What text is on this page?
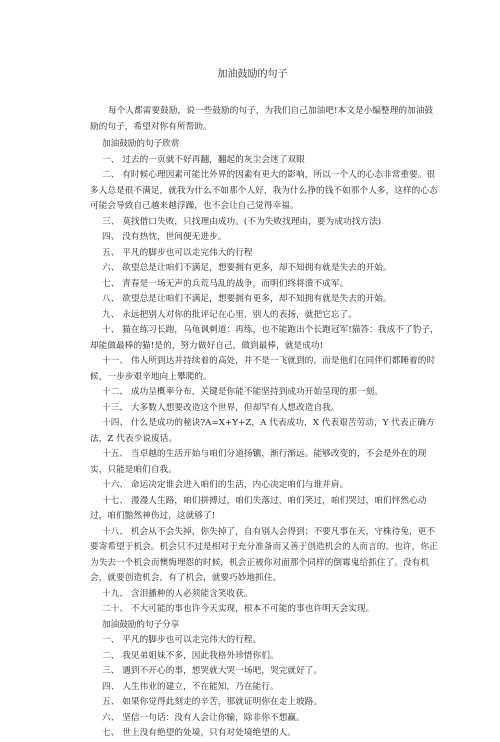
加油鼓励的句子

每个人都需要鼓励，说一些鼓励的句子，为我们自己加油吧!本文是小编整理的加油鼓励的句子，希望对你有所帮助。

加油鼓励的句子欣赏

一、 过去的一页就不好再翻，翻起的灰尘会迷了双眼

二、 有时候心理因素可能比外界的因素有更大的影响，所以一个人的心态非常重要。很多人总是很不满足，就我为什么不如那个人好，我为什么挣的钱不如那个人多，这样的心态可能会导致自己越来越浮躁，也不会让自己觉得幸福。

三、 莫找借口失败，只找理由成功。(不为失败找理由，要为成功找方法)

四、 没有热忱，世间便无进步。

五、 平凡的脚步也可以走完伟大的行程

六、 欲望总是让咱们不满足，想要拥有更多，却不知拥有就是失去的开始。

七、 青春是一场无声的兵荒马乱的战争，而明们终将溃不成军。

八、 欲望总是让咱们不满足，想要拥有更多，却不知拥有就是失去的开始。

九、 永远把别人对你的批评记在心里，别人的表扬，就把它忘了。

十、 猫在练习长跑，乌龟讽刺道：再练，也不能跑出个长跑冠军!猫答：我成不了豹子，却能做最棒的猫!是的，努力做好自己，做到最棒，就是成功!

十一、 伟人所到达并持续着的高处，并不是一飞就到的，而是他们在同伴们都睡着的时候，一步步艰辛地向上攀爬的。

十二、 成功呈概率分布，关键是你能不能坚持到成功开始呈现的那一刻。

十三、 大多数人想要改造这个世界，但却罕有人想改造自我。

十四、 什么是成功的秘诀?A=X+Y+Z，A 代表成功，X 代表艰苦劳动，Y 代表正确方法，Z 代表少说废话。

十五、 当卓越的生活开始与咱们分道扬镳，渐行渐远。能够改变的，不会是外在的现实，只能是咱们自我。

十六、 命运决定谁会进入咱们的生活，内心决定咱们与谁并肩。

十七、 漫漫人生路，咱们拼搏过，咱们失落过，咱们笑过，咱们哭过，咱们怦然心动过，咱们黯然神伤过，这就够了!

十八、 机会从不会失掉，你失掉了，自有别人会得到；不要凡事在天，守株待兔，更不要寄希望于机会。机会只不过是相对于充分准备而又善于创造机会的人而言的。也许，你正为失去一个机会而懊悔埋怨的时候，机会正被你对面那个同样的倒霉鬼给抓住了。没有机会，就要创造机会，有了机会，就要巧妙地抓住。

十九、 含泪播种的人必须能含笑收获。

二十、 不大可能的事也许今天实现，根本不可能的事也许明天会实现。

加油鼓励的句子分享

一、 平凡的脚步也可以走完伟大的行程。

二、 我见弟姐妹不多，因此我格外珍惜你们。

三、 遇到不开心的事，想哭就大哭一场吧，哭完就好了。

四、 人生伟业的建立，不在能知，乃在能行。

五、 如果你觉得此刻走的辛苦，那就证明你在走上坡路。

六、 坚信一句话：没有人会让你输，除非你不想赢。

七、 世上没有绝望的处境，只有对处境绝望的人。
